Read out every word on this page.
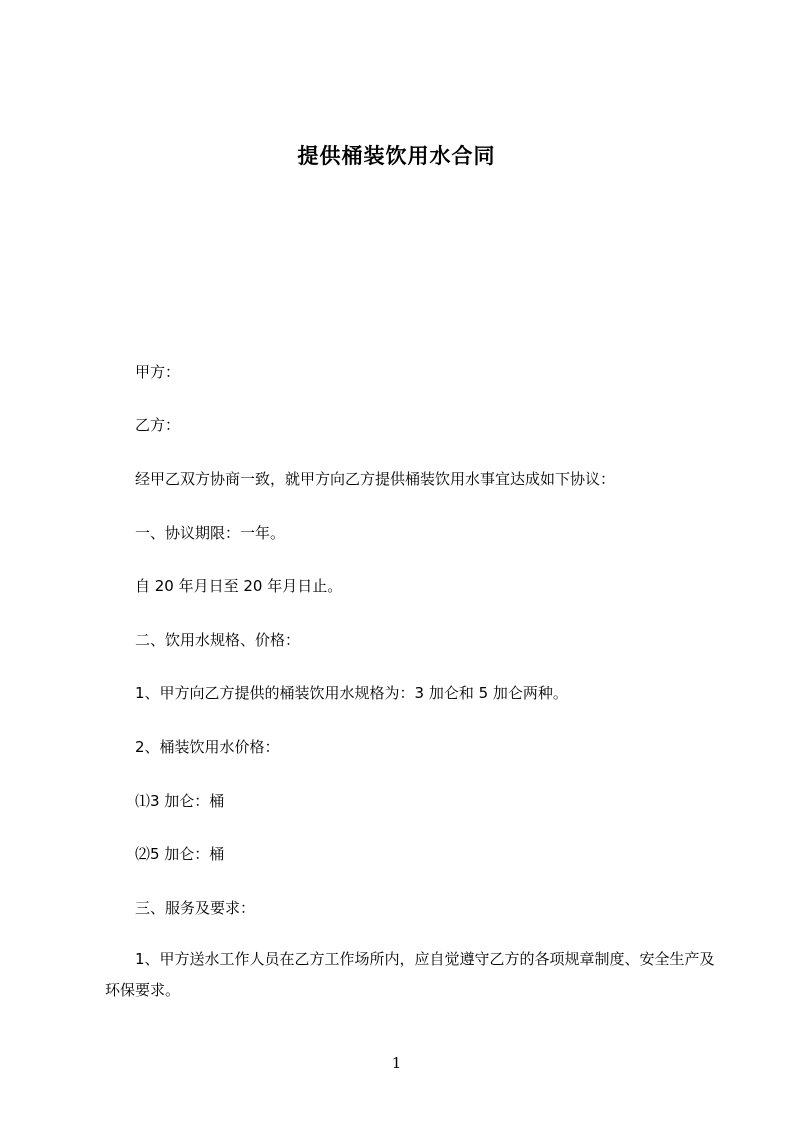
提供桶装饮用水合同
甲方：
乙方：
经甲乙双方协商一致，就甲方向乙方提供桶装饮用水事宜达成如下协议：
一、协议期限：一年。
自 20 年月日至 20 年月日止。
二、饮用水规格、价格：
1、甲方向乙方提供的桶装饮用水规格为：3 加仑和 5 加仑两种。
2、桶装饮用水价格：
⑴3 加仑：桶
⑵5 加仑：桶
三、服务及要求：
1、甲方送水工作人员在乙方工作场所内，应自觉遵守乙方的各项规章制度、安全生产及环保要求。
1
